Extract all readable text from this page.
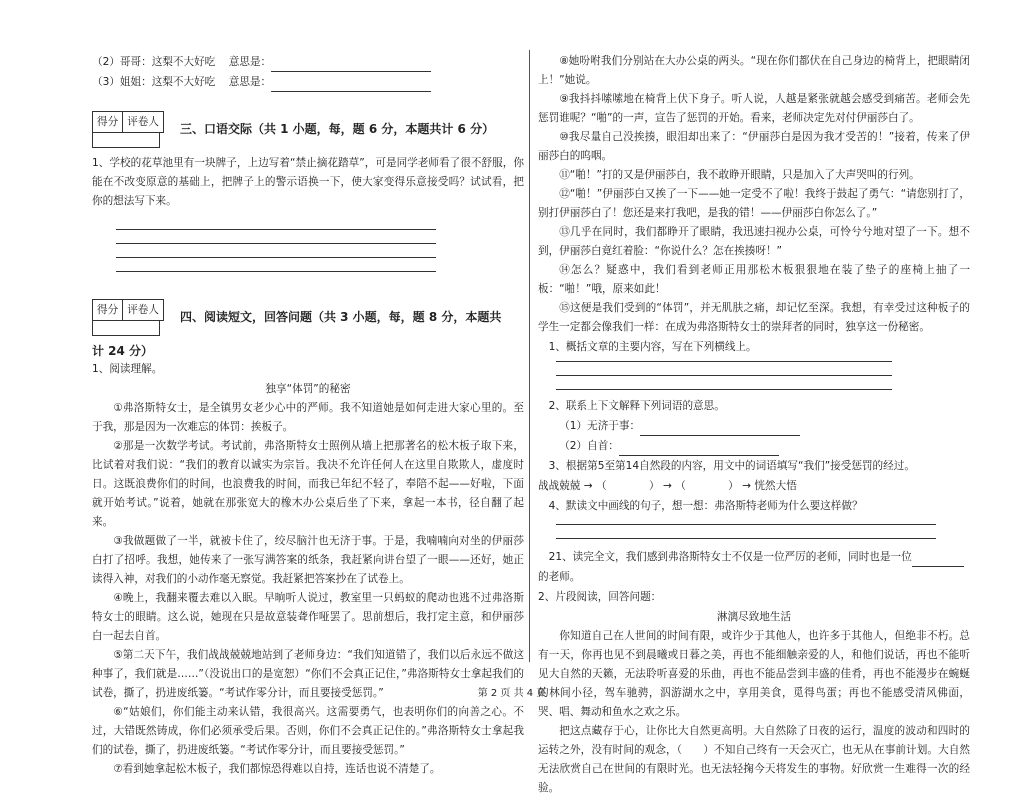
（2）哥哥：这梨不大好吃 意思是：

（3）姐姐：这梨不大好吃 意思是：

得分 评卷人	三、口语交际（共 1 小题，每，题 6 分，本题共计 6 分）

1、学校的花草池里有一块牌子，上边写着“禁止摘花踏草”，可是同学老师看了很不舒服，你能在不改变原意的基础上，把牌子上的警示语换一下，使大家变得乐意接受吗？试试看，把你的想法写下来。

得分 评卷人	四、阅读短文，回答问题（共 3 小题，每，题 8 分，本题共

计 24 分）

1、阅读理解。

独享“体罚”的秘密

①弗洛斯特女士，是全镇男女老少心中的严师。我不知道她是如何走进大家心里的。至于我，那是因为一次难忘的体罚：挨板子。

②那是一次数学考试。考试前，弗洛斯特女士照例从墙上把那著名的松木板子取下来，比试着对我们说：“我们的教育以诚实为宗旨。我决不允许任何人在这里自欺欺人，虚度时日。这既浪费你们的时间，也浪费我的时间，而我已年纪不轻了，奉陪不起——好啦，下面就开始考试。”说着，她就在那张宽大的橡木办公桌后坐了下来，拿起一本书，径自翻了起来。

③我做题做了一半，就被卡住了，绞尽脑汁也无济于事。于是，我喃喃向对坐的伊丽莎白打了招呼。我想，她传来了一张写满答案的纸条，我赶紧向讲台望了一眼——还好，她正读得入神，对我们的小动作毫无察觉。我赶紧把答案抄在了试卷上。

④晚上，我翻来覆去难以入眠。早晌听人说过，教室里一只蚂蚁的爬动也逃不过弗洛斯特女士的眼睛。这么说，她现在只是故意装聋作哑罢了。思前想后，我打定主意，和伊丽莎白一起去自首。

⑤第二天下午，我们战战兢兢地站到了老师身边：“我们知道错了，我们以后永远不做这种事了，我们就是……”（没说出口的是宽恕）“你们不会真正记住，”弗洛斯特女士拿起我们的试卷，撕了，扔进废纸篓。“考试作零分计，而且要接受惩罚。”

⑥“姑娘们，你们能主动来认错，我很高兴。这需要勇气，也表明你们的向善之心。不过，大错既然铸成，你们必须承受后果。否则，你们不会真正记住的。”弗洛斯特女士拿起我们的试卷，撕了，扔进废纸篓。“考试作零分计，而且要接受惩罚。”

⑦看到她拿起松木板子，我们都惊恐得难以自持，连话也说不清楚了。

⑧她吩咐我们分别站在大办公桌的两头。“现在你们都伏在自己身边的椅背上，把眼睛闭上！”她说。

⑨我抖抖嗦嗦地在椅背上伏下身子。听人说，人越是紧张就越会感受到痛苦。老师会先惩罚谁呢？“啪”的一声，宣告了惩罚的开始。看来，老师决定先对付伊丽莎白了。

⑩我尽量自己没挨揍，眼泪却出来了：“伊丽莎白是因为我才受苦的！”接着，传来了伊丽莎白的呜咽。

⑪“啪！”打的又是伊丽莎白，我不敢睁开眼睛，只是加入了大声哭叫的行列。

⑫“啪！”伊丽莎白又挨了一下——她一定受不了啦！我终于鼓起了勇气：“请您别打了，别打伊丽莎白了！您还是来打我吧，是我的错！——伊丽莎白你怎么了。”

⑬几乎在同时，我们都睁开了眼睛，我迅速扫视办公桌，可怜兮兮地对望了一下。想不到，伊丽莎白竟红着脸：“你说什么？怎在挨揍呀！”

⑭怎么？疑惑中，我们看到老师正用那松木板狠狠地在装了垫子的座椅上抽了一板：“啪！”哦，原来如此！

⑮这便是我们受到的“体罚”，并无肌肤之痛，却记忆至深。我想，有幸受过这种板子的学生一定都会像我们一样：在成为弗洛斯特女士的崇拜者的同时，独享这一份秘密。

1、概括文章的主要内容，写在下列横线上。

2、联系上下文解释下列词语的意思。

（1）无济于事：

（2）自首：

3、根据第5至第14自然段的内容，用文中的词语填写“我们”接受惩罚的经过。

战战兢兢 → （　　　　） → （　　　　） → 恍然大悟

4、默读文中画线的句子，想一想：弗洛斯特老师为什么要这样做？

21、读完全文，我们感到弗洛斯特女士不仅是一位严厉的老师，同时也是一位

的老师。

2、片段阅读，回答问题：

淋漓尽致地生活

你知道自己在人世间的时间有限，或许少于其他人，也许多于其他人，但绝非不朽。总有一天，你再也见不到晨曦或日暮之美，再也不能细触亲爱的人，和他们说话，再也不能听见大自然的天籁，无法聆听喜爱的乐曲，再也不能品尝到丰盛的佳肴，再也不能漫步在蜿蜒的林间小径，驾车驰骋，泅游湖水之中，享用美食，觅得鸟蛋；再也不能感受清风佛面，哭、唱、舞动和鱼水之欢之乐。

把这点藏存于心，让你比大自然更高明。大自然除了日夜的运行，温度的波动和四时的运转之外，没有时间的观念，（　　）不知自己终有一天会灭亡，也无从在事前计划。大自然无法欣赏自己在世间的有限时光。也无法轻掬今天将发生的事物。好欣赏一生难得一次的经验。

第 2 页 共 4 页
